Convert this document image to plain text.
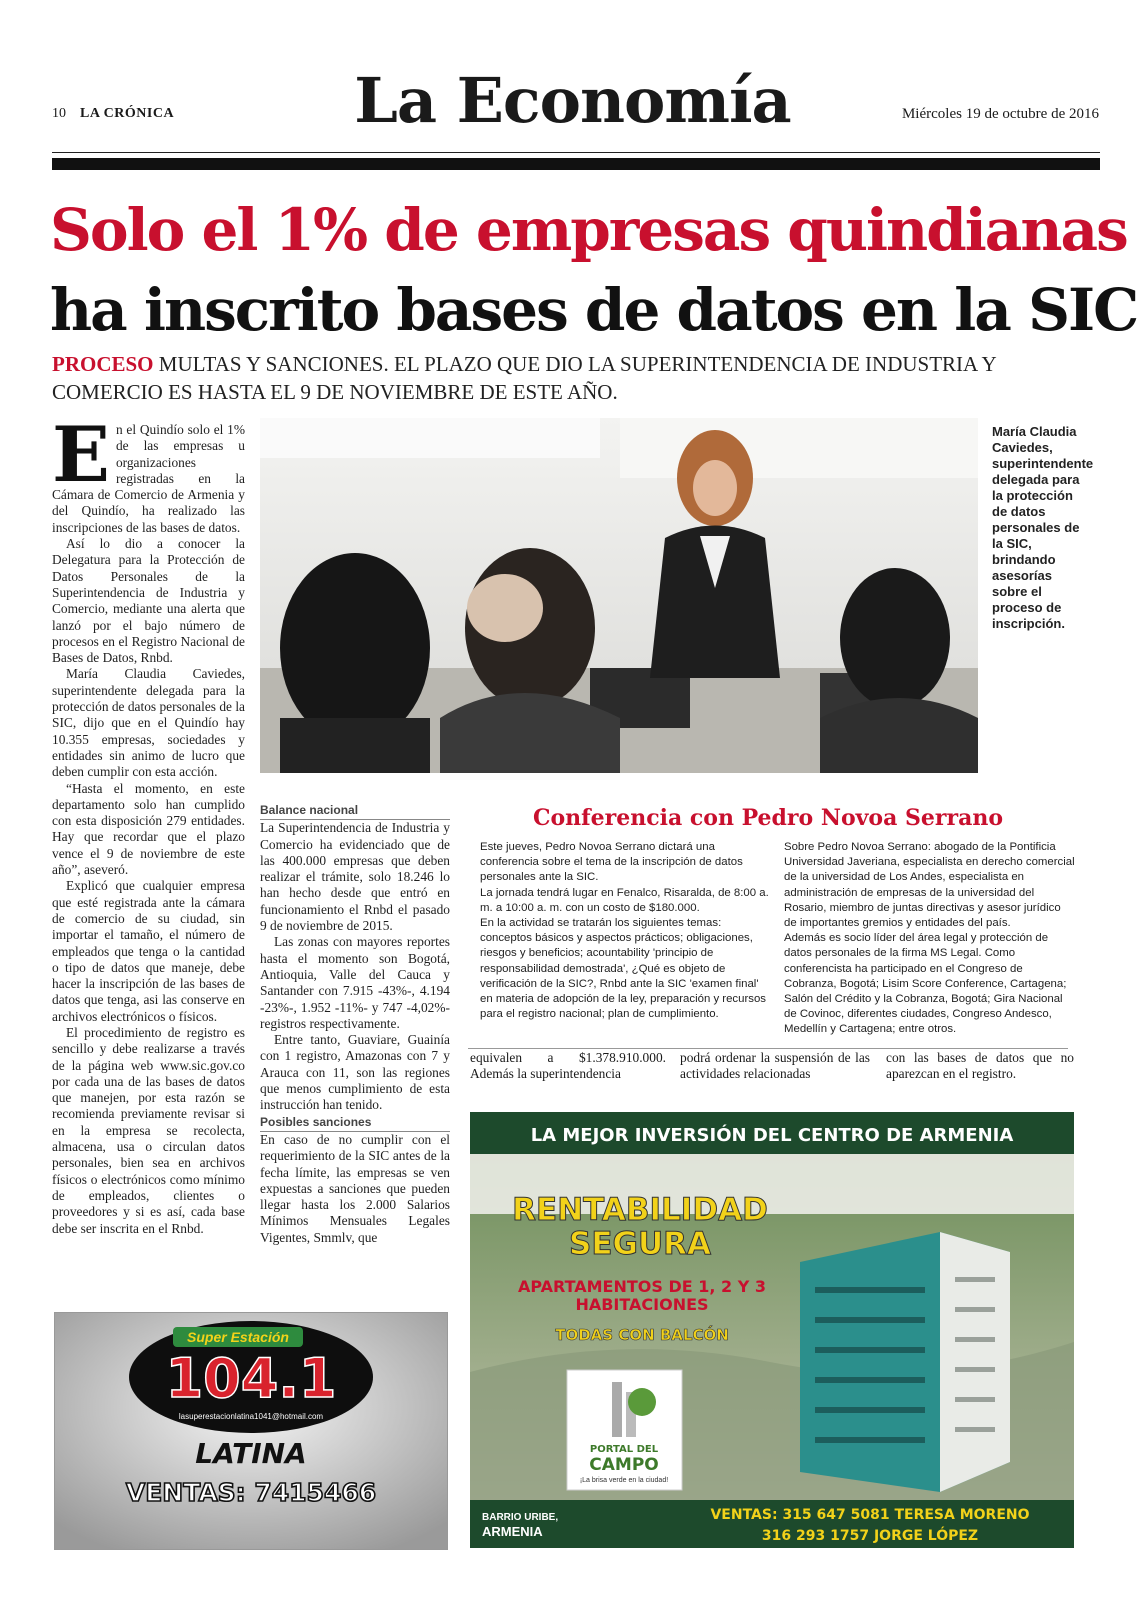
10 LA CRÓNICA	La Economía	Miércoles 19 de octubre de 2016
Solo el 1% de empresas quindianas
ha inscrito bases de datos en la SIC
PROCESO MULTAS Y SANCIONES. EL PLAZO QUE DIO LA SUPERINTENDENCIA DE INDUSTRIA Y COMERCIO ES HASTA EL 9 DE NOVIEMBRE DE ESTE AÑO.
E n el Quindío solo el 1% de las empresas u organizaciones registradas en la Cámara de Comercio de Armenia y del Quindío, ha realizado las inscripciones de las bases de datos.

Así lo dio a conocer la Delegatura para la Protección de Datos Personales de la Superintendencia de Industria y Comercio, mediante una alerta que lanzó por el bajo número de procesos en el Registro Nacional de Bases de Datos, Rnbd.

María Claudia Caviedes, superintendente delegada para la protección de datos personales de la SIC, dijo que en el Quindío hay 10.355 empresas, sociedades y entidades sin animo de lucro que deben cumplir con esta acción.

“Hasta el momento, en este departamento solo han cumplido con esta disposición 279 entidades. Hay que recordar que el plazo vence el 9 de noviembre de este año”, aseveró.

Explicó que cualquier empresa que esté registrada ante la cámara de comercio de su ciudad, sin importar el tamaño, el número de empleados que tenga o la cantidad o tipo de datos que maneje, debe hacer la inscripción de las bases de datos que tenga, asi las conserve en archivos electrónicos o físicos.

El procedimiento de registro es sencillo y debe realizarse a través de la página web www.sic.gov.co por cada una de las bases de datos que manejen, por esta razón se recomienda previamente revisar si en la empresa se recolecta, almacena, usa o circulan datos personales, bien sea en archivos físicos o electrónicos como mínimo de empleados, clientes o proveedores y si es así, cada base debe ser inscrita en el Rnbd.

María Claudia Caviedes, superintendente delegada para la protección de datos personales de la SIC, brindando asesorías sobre el proceso de inscripción.

Balance nacional

La Superintendencia de Industria y Comercio ha evidenciado que de las 400.000 empresas que deben realizar el trámite, solo 18.246 lo han hecho desde que entró en funcionamiento el Rnbd el pasado 9 de noviembre de 2015.

Las zonas con mayores reportes hasta el momento son Bogotá, Antioquia, Valle del Cauca y Santander con 7.915 -43%-, 4.194 -23%-, 1.952 -11%- y 747 -4,02%- registros respectivamente.

Entre tanto, Guaviare, Guainía con 1 registro, Amazonas con 7 y Arauca con 11, son las regiones que menos cumplimiento de esta instrucción han tenido.

Posibles sanciones

En caso de no cumplir con el requerimiento de la SIC antes de la fecha límite, las empresas se ven expuestas a sanciones que pueden llegar hasta los 2.000 Salarios Mínimos Mensuales Legales Vigentes, Smmlv, que

Conferencia con Pedro Novoa Serrano

Este jueves, Pedro Novoa Serrano dictará una conferencia sobre el tema de la inscripción de datos personales ante la SIC.

La jornada tendrá lugar en Fenalco, Risaralda, de 8:00 a. m. a 10:00 a. m. con un costo de $180.000.

En la actividad se tratarán los siguientes temas: conceptos básicos y aspectos prácticos; obligaciones, riesgos y beneficios; acountability 'principio de responsabilidad demostrada', ¿Qué es objeto de verificación de la SIC?, Rnbd ante la SIC 'examen final' en materia de adopción de la ley, preparación y recursos para el registro nacional; plan de cumplimiento.

Sobre Pedro Novoa Serrano: abogado de la Pontificia Universidad Javeriana, especialista en derecho comercial de la universidad de Los Andes, especialista en administración de empresas de la universidad del Rosario, miembro de juntas directivas y asesor jurídico de importantes gremios y entidades del país.

Además es socio líder del área legal y protección de datos personales de la firma MS Legal. Como conferencista ha participado en el Congreso de Cobranza, Bogotá; Lisim Score Conference, Cartagena; Salón del Crédito y la Cobranza, Bogotá; Gira Nacional de Covinoc, diferentes ciudades, Congreso Andesco, Medellín y Cartagena; entre otros.

equivalen a $1.378.910.000. Además la superintendencia
podrá ordenar la suspensión de las actividades relacionadas
con las bases de datos que no aparezcan en el registro.
Super Estación
104.1
lasuperestacionlatina1041@hotmail.com
LATINA
VENTAS: 7415466
LA MEJOR INVERSIÓN DEL CENTRO DE ARMENIA
RENTABILIDAD
SEGURA
APARTAMENTOS DE 1, 2 Y 3
HABITACIONES
TODAS CON BALCÓN
PORTAL DEL
CAMPO
¡La brisa verde en la ciudad!
BARRIO URIBE,
ARMENIA
VENTAS: 315 647 5081 TERESA MORENO
316 293 1757 JORGE LÓPEZ
